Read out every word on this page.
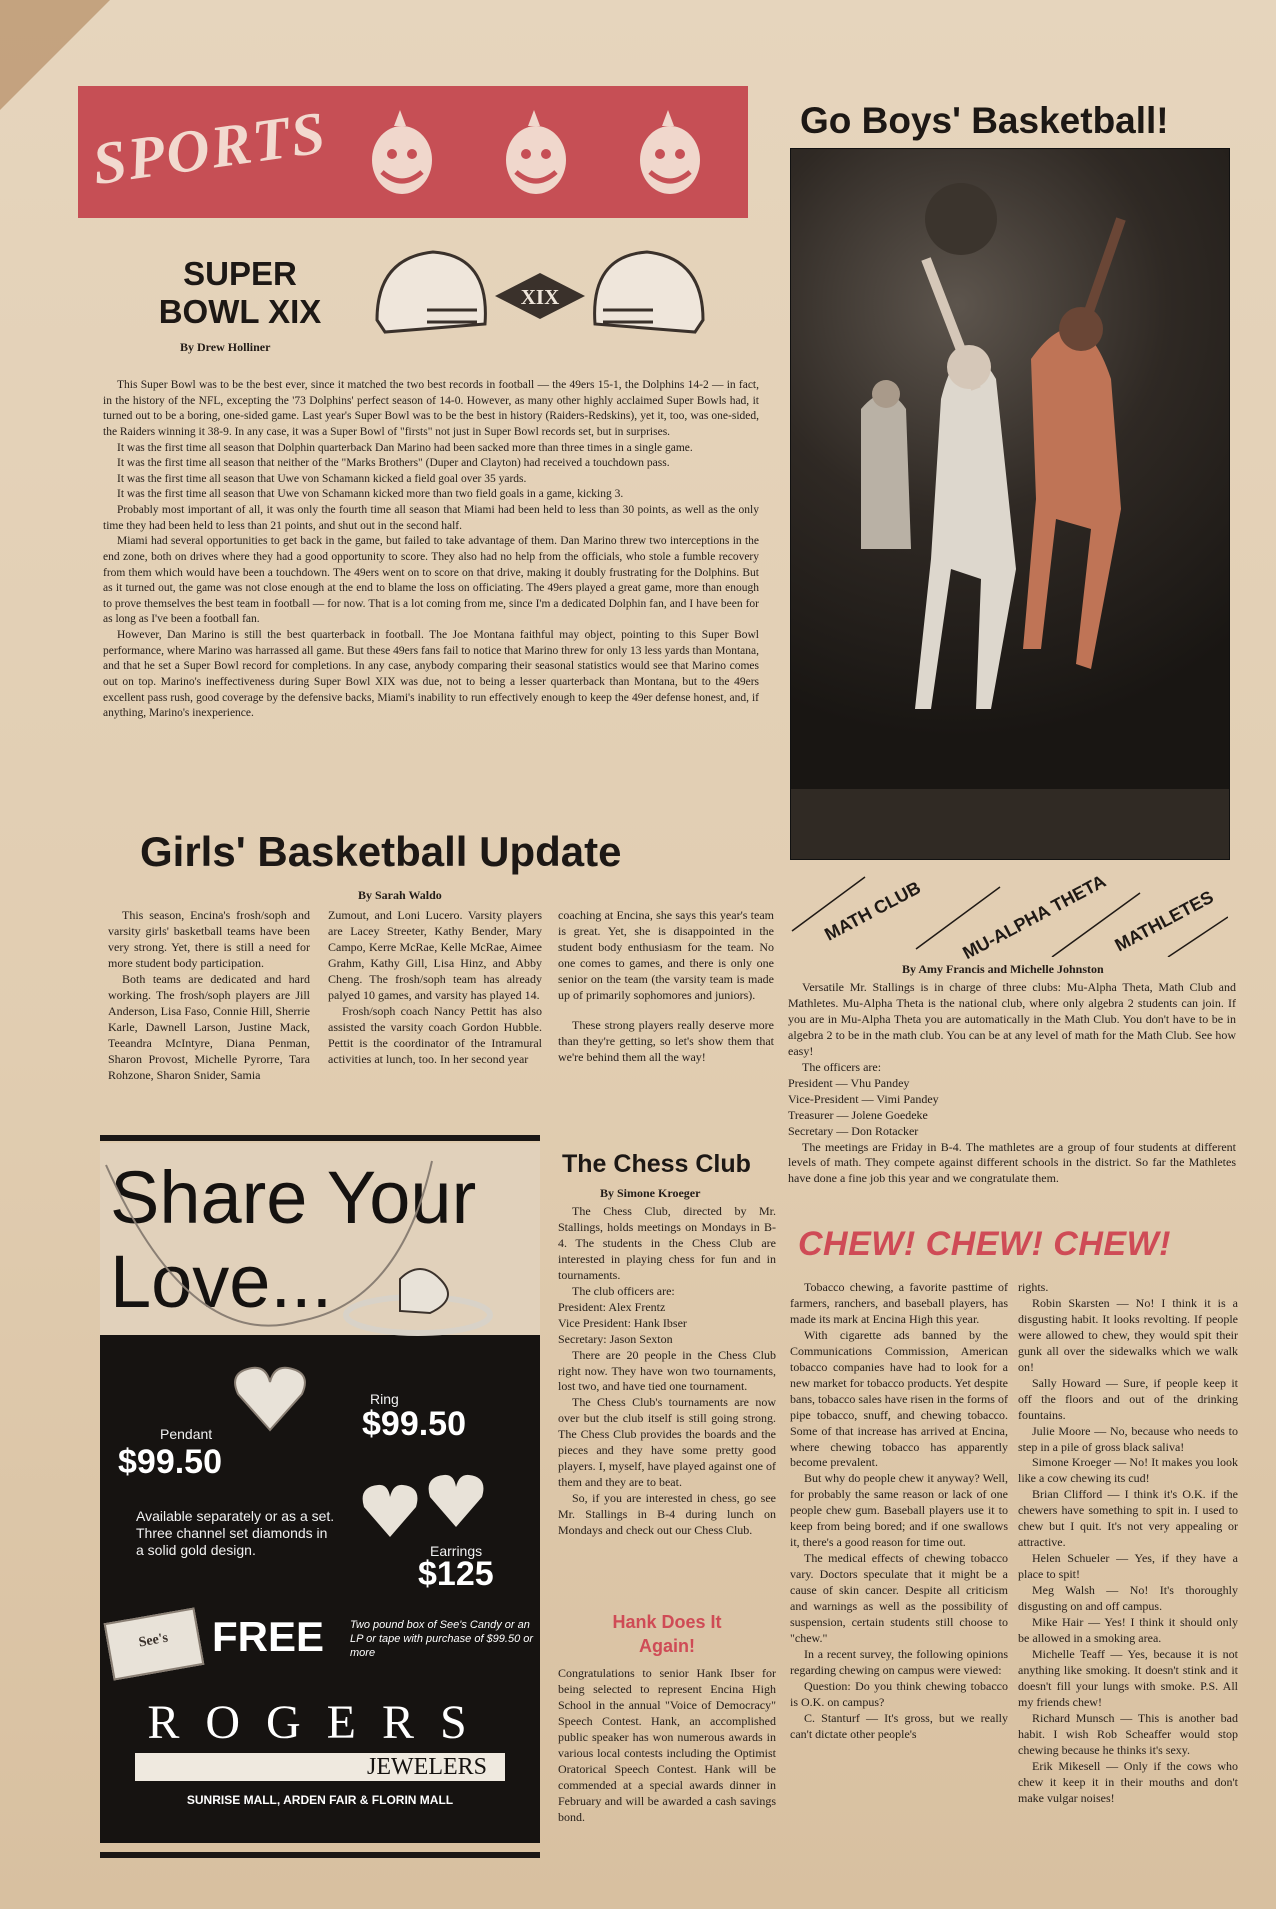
SPORTS	Go Boys' Basketball!
SUPER
BOWL XIX
By Drew Holliner
XIX

This Super Bowl was to be the best ever, since it matched the two best records in football — the 49ers 15-1, the Dolphins 14-2 — in fact, in the history of the NFL, excepting the '73 Dolphins' perfect season of 14-0. However, as many other highly acclaimed Super Bowls had, it turned out to be a boring, one-sided game. Last year's Super Bowl was to be the best in history (Raiders-Redskins), yet it, too, was one-sided, the Raiders winning it 38-9. In any case, it was a Super Bowl of "firsts" not just in Super Bowl records set, but in surprises.

It was the first time all season that Dolphin quarterback Dan Marino had been sacked more than three times in a single game.

It was the first time all season that neither of the "Marks Brothers" (Duper and Clayton) had received a touchdown pass.

It was the first time all season that Uwe von Schamann kicked a field goal over 35 yards.

It was the first time all season that Uwe von Schamann kicked more than two field goals in a game, kicking 3.

Probably most important of all, it was only the fourth time all season that Miami had been held to less than 30 points, as well as the only time they had been held to less than 21 points, and shut out in the second half.

Miami had several opportunities to get back in the game, but failed to take advantage of them. Dan Marino threw two interceptions in the end zone, both on drives where they had a good opportunity to score. They also had no help from the officials, who stole a fumble recovery from them which would have been a touchdown. The 49ers went on to score on that drive, making it doubly frustrating for the Dolphins. But as it turned out, the game was not close enough at the end to blame the loss on officiating. The 49ers played a great game, more than enough to prove themselves the best team in football — for now. That is a lot coming from me, since I'm a dedicated Dolphin fan, and I have been for as long as I've been a football fan.

However, Dan Marino is still the best quarterback in football. The Joe Montana faithful may object, pointing to this Super Bowl performance, where Marino was harrassed all game. But these 49ers fans fail to notice that Marino threw for only 13 less yards than Montana, and that he set a Super Bowl record for completions. In any case, anybody comparing their seasonal statistics would see that Marino comes out on top. Marino's ineffectiveness during Super Bowl XIX was due, not to being a lesser quarterback than Montana, but to the 49ers excellent pass rush, good coverage by the defensive backs, Miami's inability to run effectively enough to keep the 49er defense honest, and, if anything, Marino's inexperience.

Girls' Basketball Update
By Sarah Waldo

This season, Encina's frosh/soph and varsity girls' basketball teams have been very strong. Yet, there is still a need for more student body participation.

Both teams are dedicated and hard working. The frosh/soph players are Jill Anderson, Lisa Faso, Connie Hill, Sherrie Karle, Dawnell Larson, Justine Mack, Teeandra McIntyre, Diana Penman, Sharon Provost, Michelle Pyrorre, Tara Rohzone, Sharon Snider, Samia

Zumout, and Loni Lucero. Varsity players are Lacey Streeter, Kathy Bender, Mary Campo, Kerre McRae, Kelle McRae, Aimee Grahm, Kathy Gill, Lisa Hinz, and Abby Cheng. The frosh/soph team has already palyed 10 games, and varsity has played 14.

Frosh/soph coach Nancy Pettit has also assisted the varsity coach Gordon Hubble. Pettit is the coordinator of the Intramural activities at lunch, too. In her second year

coaching at Encina, she says this year's team is great. Yet, she is disappointed in the student body enthusiasm for the team. No one comes to games, and there is only one senior on the team (the varsity team is made up of primarily sophomores and juniors).

These strong players really deserve more than they're getting, so let's show them that we're behind them all the way!

MATH CLUB MU-ALPHA THETA MATHLETES
By Amy Francis and Michelle Johnston

Versatile Mr. Stallings is in charge of three clubs: Mu-Alpha Theta, Math Club and Mathletes. Mu-Alpha Theta is the national club, where only algebra 2 students can join. If you are in Mu-Alpha Theta you are automatically in the Math Club. You don't have to be in algebra 2 to be in the math club. You can be at any level of math for the Math Club. See how easy!

The officers are:

President — Vhu Pandey
Vice-President — Vimi Pandey
Treasurer — Jolene Goedeke
Secretary — Don Rotacker

The meetings are Friday in B-4. The mathletes are a group of four students at different levels of math. They compete against different schools in the district. So far the Mathletes have done a fine job this year and we congratulate them.

The Chess Club
By Simone Kroeger

The Chess Club, directed by Mr. Stallings, holds meetings on Mondays in B-4. The students in the Chess Club are interested in playing chess for fun and in tournaments.

The club officers are:

President: Alex Frentz
Vice President: Hank Ibser
Secretary: Jason Sexton

There are 20 people in the Chess Club right now. They have won two tournaments, lost two, and have tied one tournament.

The Chess Club's tournaments are now over but the club itself is still going strong. The Chess Club provides the boards and the pieces and they have some pretty good players. I, myself, have played against one of them and they are to beat.

So, if you are interested in chess, go see Mr. Stallings in B-4 during lunch on Mondays and check out our Chess Club.

Hank Does It
Again!
Congratulations to senior Hank Ibser for being selected to represent Encina High School in the annual "Voice of Democracy" Speech Contest. Hank, an accomplished public speaker has won numerous awards in various local contests including the Optimist Oratorical Speech Contest. Hank will be commended at a special awards dinner in February and will be awarded a cash savings bond.
CHEW! CHEW! CHEW!

Tobacco chewing, a favorite pasttime of farmers, ranchers, and baseball players, has made its mark at Encina High this year.

With cigarette ads banned by the Communications Commission, American tobacco companies have had to look for a new market for tobacco products. Yet despite bans, tobacco sales have risen in the forms of pipe tobacco, snuff, and chewing tobacco. Some of that increase has arrived at Encina, where chewing tobacco has apparently become prevalent.

But why do people chew it anyway? Well, for probably the same reason or lack of one people chew gum. Baseball players use it to keep from being bored; and if one swallows it, there's a good reason for time out.

The medical effects of chewing tobacco vary. Doctors speculate that it might be a cause of skin cancer. Despite all criticism and warnings as well as the possibility of suspension, certain students still choose to "chew."

In a recent survey, the following opinions regarding chewing on campus were viewed:

Question: Do you think chewing tobacco is O.K. on campus?

C. Stanturf — It's gross, but we really can't dictate other people's

rights.

Robin Skarsten — No! I think it is a disgusting habit. It looks revolting. If people were allowed to chew, they would spit their gunk all over the sidewalks which we walk on!

Sally Howard — Sure, if people keep it off the floors and out of the drinking fountains.

Julie Moore — No, because who needs to step in a pile of gross black saliva!

Simone Kroeger — No! It makes you look like a cow chewing its cud!

Brian Clifford — I think it's O.K. if the chewers have something to spit in. I used to chew but I quit. It's not very appealing or attractive.

Helen Schueler — Yes, if they have a place to spit!

Meg Walsh — No! It's thoroughly disgusting on and off campus.

Mike Hair — Yes! I think it should only be allowed in a smoking area.

Michelle Teaff — Yes, because it is not anything like smoking. It doesn't stink and it doesn't fill your lungs with smoke. P.S. All my friends chew!

Richard Munsch — This is another bad habit. I wish Rob Scheaffer would stop chewing because he thinks it's sexy.

Erik Mikesell — Only if the cows who chew it keep it in their mouths and don't make vulgar noises!

Share Your
Love...
Pendant
$99.50
Ring
$99.50
Earrings
$125
Available separately or as a set. Three channel set diamonds in a solid gold design.
See's	FREE Two pound box of See's Candy or an LP or tape with purchase of $99.50 or more
ROGERS
JEWELERS
SUNRISE MALL, ARDEN FAIR & FLORIN MALL
